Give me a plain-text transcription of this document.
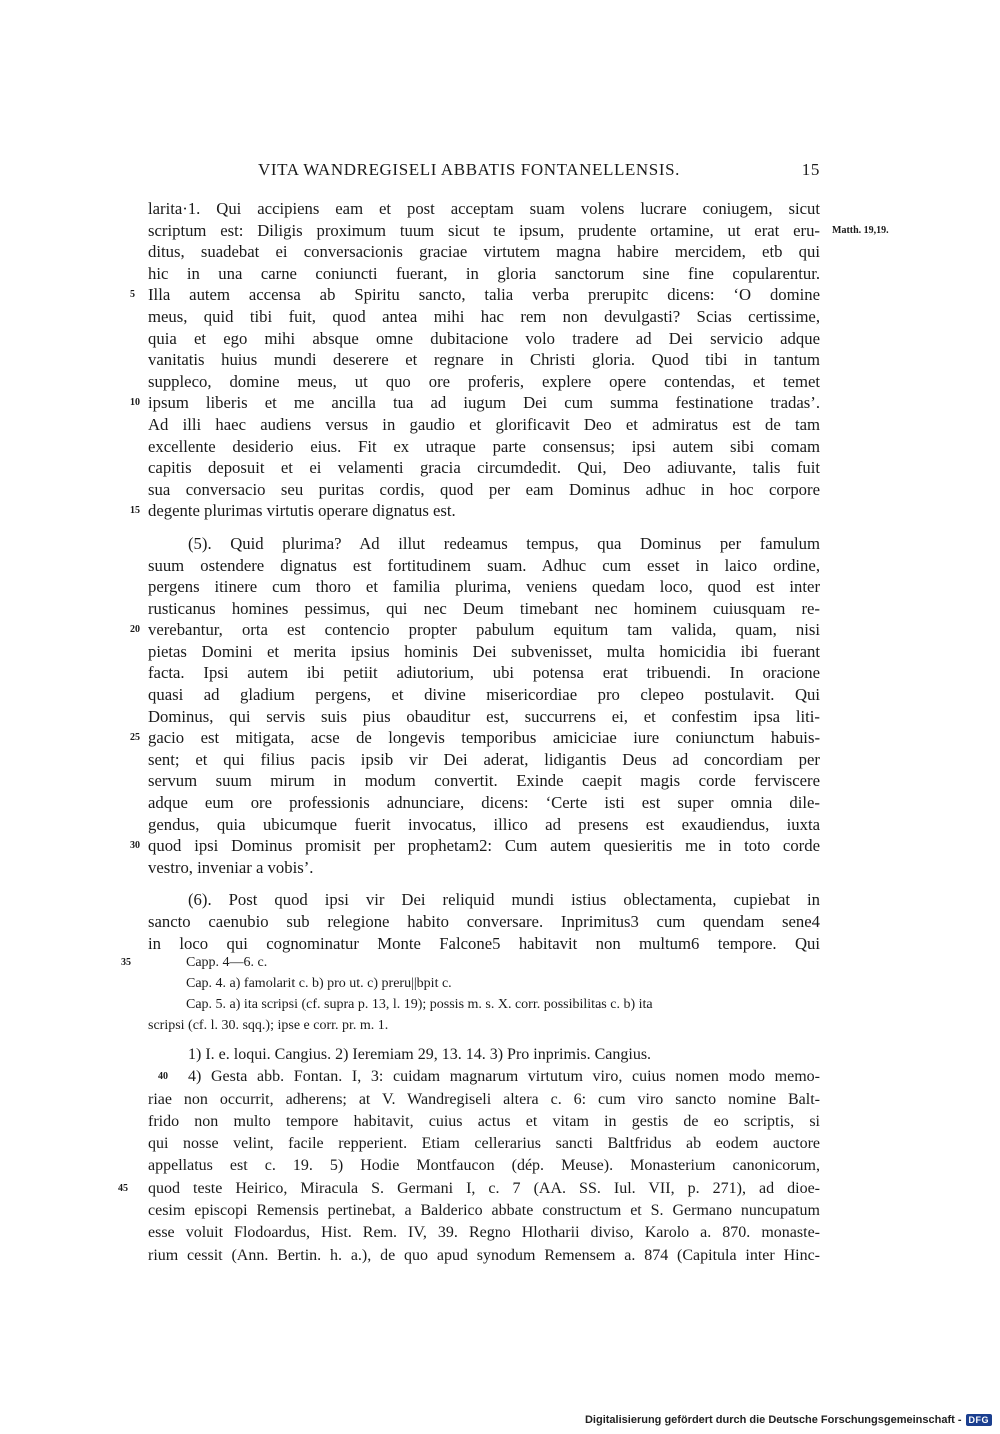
VITA WANDREGISELI ABBATIS FONTANELLENSIS.	15
larita·1. Qui accipiens eam et post acceptam suam volens lucrare coniugem, sicut
scriptum est: Diligis proximum tuum sicut te ipsum, prudente ortamine, ut erat eru- Matth. 19,19.
ditus, suadebat ei conversacionis graciae virtutem magna habire mercidem, etb qui
hic in una carne coniuncti fuerant, in gloria sanctorum sine fine copularentur.
Illa autem accensa ab Spiritu sancto, talia verba prerupitc dicens: ‘O domine
5
meus, quid tibi fuit, quod antea mihi hac rem non devulgasti? Scias certissime,
quia et ego mihi absque omne dubitacione volo tradere ad Dei servicio adque
vanitatis huius mundi deserere et regnare in Christi gloria. Quod tibi in tantum
suppleco, domine meus, ut quo ore proferis, explere opere contendas, et temet
ipsum liberis et me ancilla tua ad iugum Dei cum summa festinatione tradas’.
10
Ad illi haec audiens versus in gaudio et glorificavit Deo et admiratus est de tam
excellente desiderio eius. Fit ex utraque parte consensus; ipsi autem sibi comam
capitis deposuit et ei velamenti gracia circumdedit. Qui, Deo adiuvante, talis fuit
sua conversacio seu puritas cordis, quod per eam Dominus adhuc in hoc corpore
degente plurimas virtutis operare dignatus est.
15
(5). Quid plurima? Ad illut redeamus tempus, qua Dominus per famulum
suum ostendere dignatus est fortitudinem suam. Adhuc cum esset in laico ordine,
pergens itinere cum thoro et familia plurima, veniens quedam loco, quod est inter
rusticanus homines pessimus, qui nec Deum timebant nec hominem cuiusquam re-
verebantur, orta est contencio propter pabulum equitum tam valida, quam, nisi
20
pietas Domini et merita ipsius hominis Dei subvenisset, multa homicidia ibi fuerant
facta. Ipsi autem ibi petiit adiutorium, ubi potensa erat tribuendi. In oracione
quasi ad gladium pergens, et divine misericordiae pro clepeo postulavit. Qui
Dominus, qui servis suis pius obauditur est, succurrens ei, et confestim ipsa liti-
gacio est mitigata, acse de longevis temporibus amiciciae iure coniunctum habuis-
25
sent; et qui filius pacis ipsib vir Dei aderat, lidigantis Deus ad concordiam per
servum suum mirum in modum convertit. Exinde caepit magis corde ferviscere
adque eum ore professionis adnunciare, dicens: ‘Certe isti est super omnia dile-
gendus, quia ubicumque fuerit invocatus, illico ad presens est exaudiendus, iuxta
quod ipsi Dominus promisit per prophetam2: Cum autem quesieritis me in toto corde
30
vestro, inveniar a vobis’.
(6). Post quod ipsi vir Dei reliquid mundi istius oblectamenta, cupiebat in
sancto caenubio sub relegione habito conversare. Inprimitus3 cum quendam sene4
in loco qui cognominatur Monte Falcone5 habitavit non multum6 tempore. Qui
Capp. 4—6. c.
35
Cap. 4. a) famolarit c. b) pro ut. c) preru||bpit c.
Cap. 5. a) ita scripsi (cf. supra p. 13, l. 19); possis m. s. X. corr. possibilitas c. b) ita
scripsi (cf. l. 30. sqq.); ipse e corr. pr. m. 1.
1) I. e. loqui. Cangius. 2) Ieremiam 29, 13. 14. 3) Pro inprimis. Cangius.
4) Gesta abb. Fontan. I, 3: cuidam magnarum virtutum viro, cuius nomen modo memo-
40
riae non occurrit, adherens; at V. Wandregiseli altera c. 6: cum viro sancto nomine Balt-
frido non multo tempore habitavit, cuius actus et vitam in gestis de eo scriptis, si
qui nosse velint, facile repperient. Etiam cellerarius sancti Baltfridus ab eodem auctore
appellatus est c. 19. 5) Hodie Montfaucon (dép. Meuse). Monasterium canonicorum,
quod teste Heirico, Miracula S. Germani I, c. 7 (AA. SS. Iul. VII, p. 271), ad dioe-
45
cesim episcopi Remensis pertinebat, a Balderico abbate constructum et S. Germano nuncupatum
esse voluit Flodoardus, Hist. Rem. IV, 39. Regno Hlotharii diviso, Karolo a. 870. monaste-
rium cessit (Ann. Bertin. h. a.), de quo apud synodum Remensem a. 874 (Capitula inter Hinc-
Digitalisierung gefördert durch die Deutsche Forschungsgemeinschaft - DFG
